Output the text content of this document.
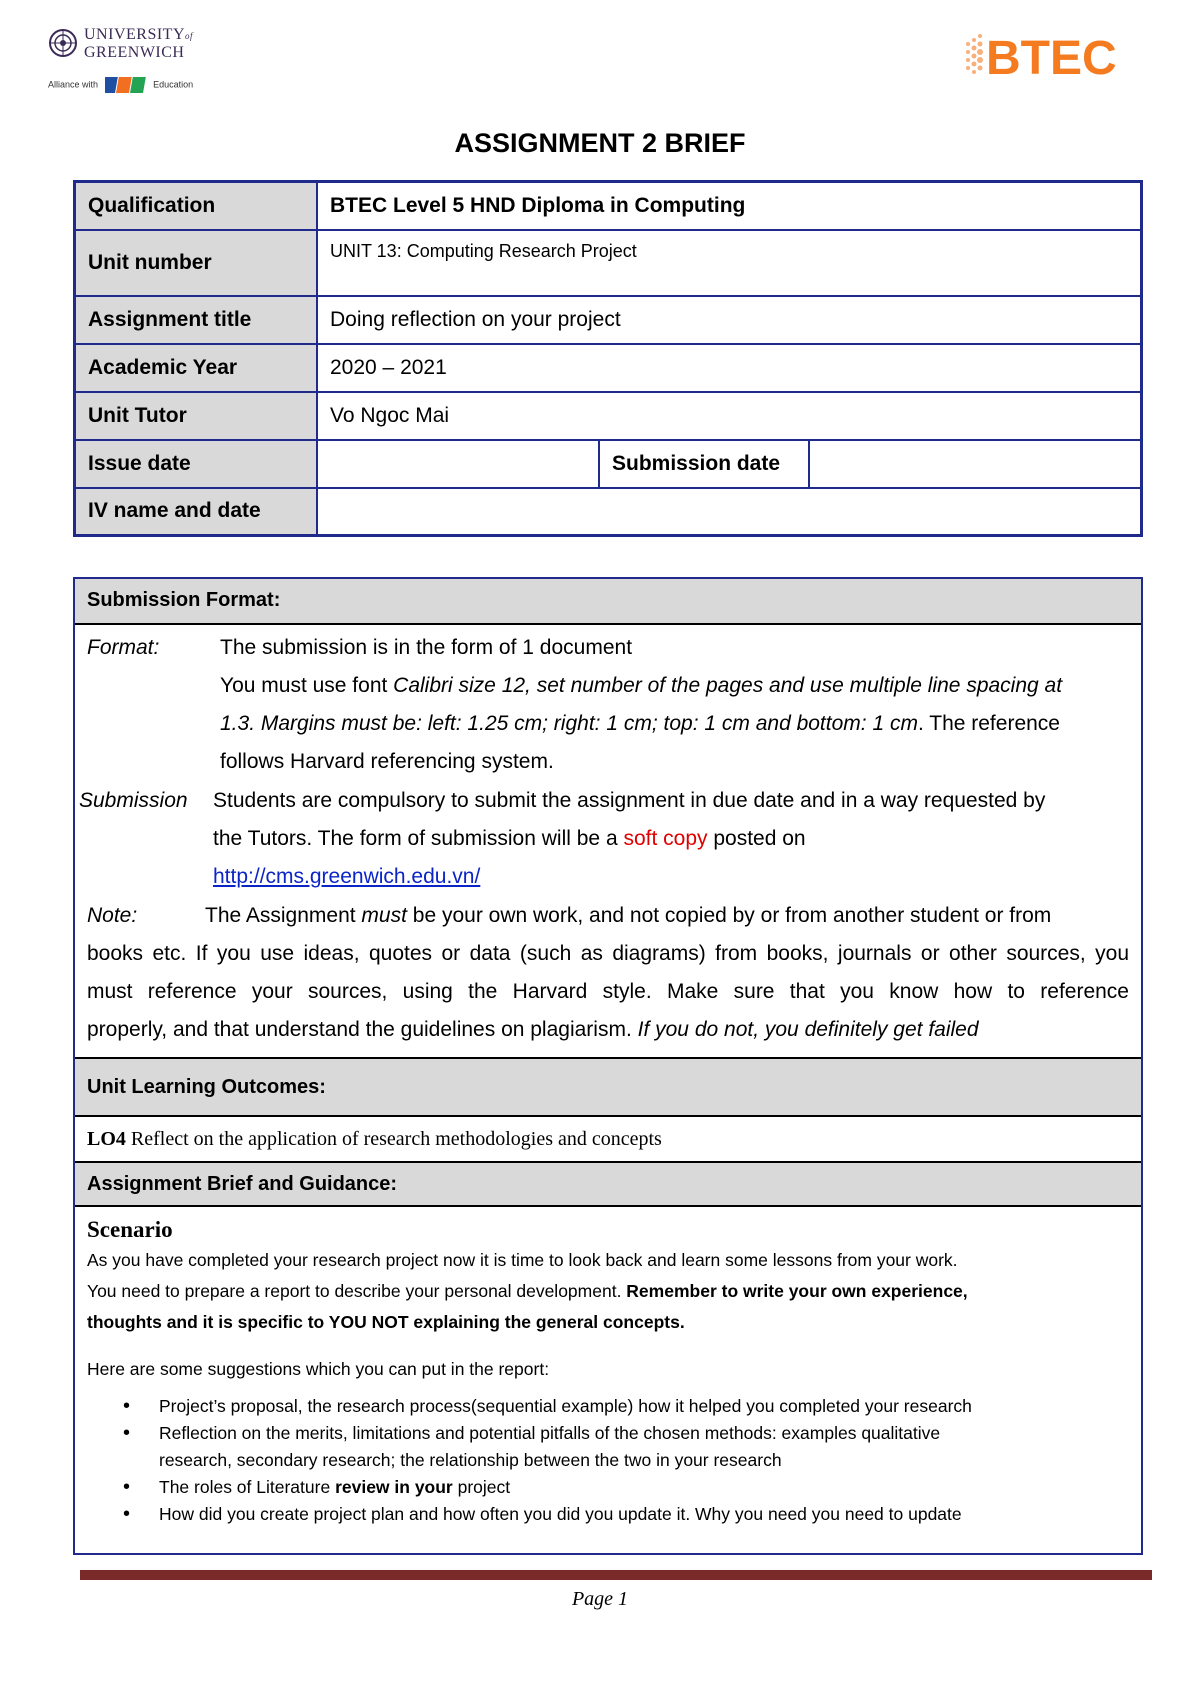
UNIVERSITYof
GREENWICH
Alliance with	Education	BTEC
ASSIGNMENT 2 BRIEF
Qualification	BTEC Level 5 HND Diploma in Computing		
Unit number	UNIT 13: Computing Research Project		
Assignment title	Doing reflection on your project		
Academic Year	2020 – 2021		
Unit Tutor	Vo Ngoc Mai		
Issue date		Submission date	
IV name and date			
Submission Format:
Format:	The submission is in the form of 1 document
You must use font Calibri size 12, set number of the pages and use multiple line spacing at
1.3. Margins must be: left: 1.25 cm; right: 1 cm; top: 1 cm and bottom: 1 cm. The reference
follows Harvard referencing system.
Submission Students are compulsory to submit the assignment in due date and in a way requested by
the Tutors. The form of submission will be a soft copy posted on
http://cms.greenwich.edu.vn/
Note:	The Assignment must be your own work, and not copied by or from another student or from
books etc. If you use ideas, quotes or data (such as diagrams) from books, journals or other sources, you
must reference your sources, using the Harvard style. Make sure that you know how to reference
properly, and that understand the guidelines on plagiarism. If you do not, you definitely get failed
Unit Learning Outcomes:
LO4 Reflect on the application of research methodologies and concepts
Assignment Brief and Guidance:
Scenario

As you have completed your research project now it is time to look back and learn some lessons from your work.

You need to prepare a report to describe your personal development. Remember to write your own experience,

thoughts and it is specific to YOU NOT explaining the general concepts.

Here are some suggestions which you can put in the report:

• Project’s proposal, the research process(sequential example) how it helped you completed your research
• Reflection on the merits, limitations and potential pitfalls of the chosen methods: examples qualitative
research, secondary research; the relationship between the two in your research
• The roles of Literature review in your project
• How did you create project plan and how often you did you update it. Why you need you need to update
Page 1
